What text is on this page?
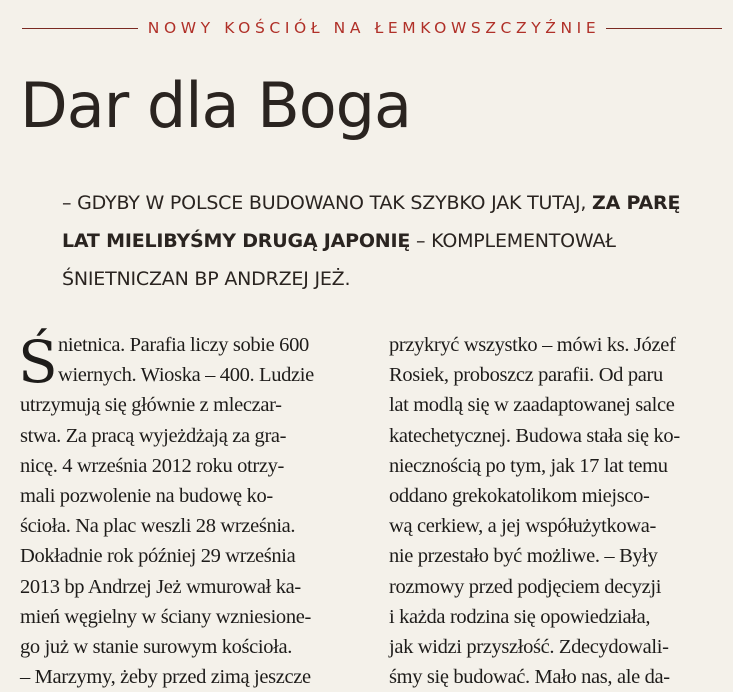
NOWY KOŚCIÓŁ NA ŁEMKOWSZCZYŹNIE
Dar dla Boga
– GDYBY W POLSCE BUDOWANO TAK SZYBKO JAK TUTAJ, ZA PARĘ
LAT MIELIBYŚMY DRUGĄ JAPONIĘ – KOMPLEMENTOWAŁ
ŚNIETNICZAN BP ANDRZEJ JEŻ.
Ś nietnica. Parafia liczy sobie 600
wiernych. Wioska – 400. Ludzie
utrzymują się głównie z mleczar-
stwa. Za pracą wyjeżdżają za gra-
nicę. 4 września 2012 roku otrzy-
mali pozwolenie na budowę ko-
ścioła. Na plac weszli 28 września.
Dokładnie rok później 29 września
2013 bp Andrzej Jeż wmurował ka-
mień węgielny w ściany wzniesione-
go już w stanie surowym kościoła.
– Marzymy, żeby przed zimą jeszcze
przykryć wszystko – mówi ks. Józef
Rosiek, proboszcz parafii. Od paru
lat modlą się w zaadaptowanej salce
katechetycznej. Budowa stała się ko-
niecznością po tym, jak 17 lat temu
oddano grekokatolikom miejsco-
wą cerkiew, a jej współużytkowa-
nie przestało być możliwe. – Były
rozmowy przed podjęciem decyzji
i każda rodzina się opowiedziała,
jak widzi przyszłość. Zdecydowali-
śmy się budować. Mało nas, ale da-
